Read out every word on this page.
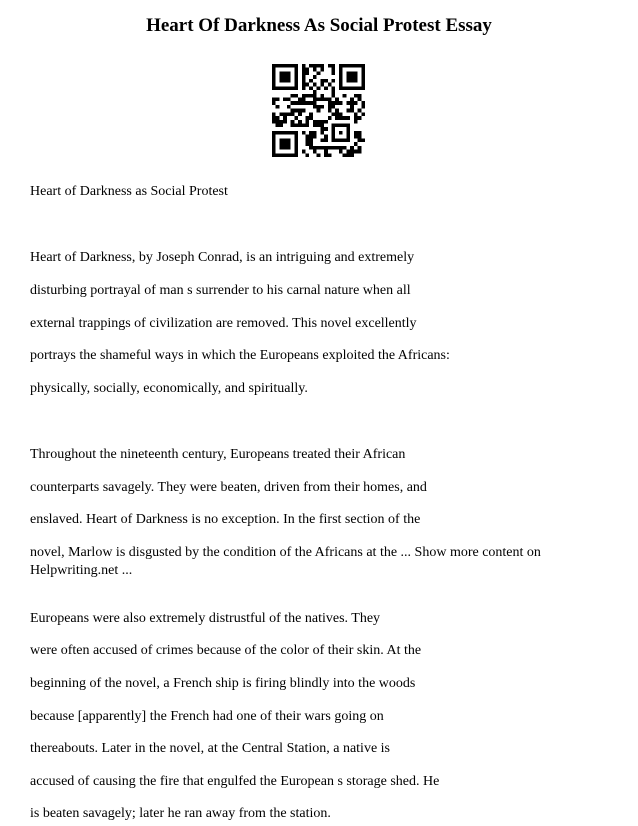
Heart Of Darkness As Social Protest Essay
Heart of Darkness as Social Protest
Heart of Darkness, by Joseph Conrad, is an intriguing and extremely
disturbing portrayal of man s surrender to his carnal nature when all
external trappings of civilization are removed. This novel excellently
portrays the shameful ways in which the Europeans exploited the Africans:
physically, socially, economically, and spiritually.
Throughout the nineteenth century, Europeans treated their African
counterparts savagely. They were beaten, driven from their homes, and
enslaved. Heart of Darkness is no exception. In the first section of the
novel, Marlow is disgusted by the condition of the Africans at the ... Show more content on
Helpwriting.net ...
Europeans were also extremely distrustful of the natives. They
were often accused of crimes because of the color of their skin. At the
beginning of the novel, a French ship is firing blindly into the woods
because [apparently] the French had one of their wars going on
thereabouts. Later in the novel, at the Central Station, a native is
accused of causing the fire that engulfed the European s storage shed. He
is beaten savagely; later he ran away from the station.
